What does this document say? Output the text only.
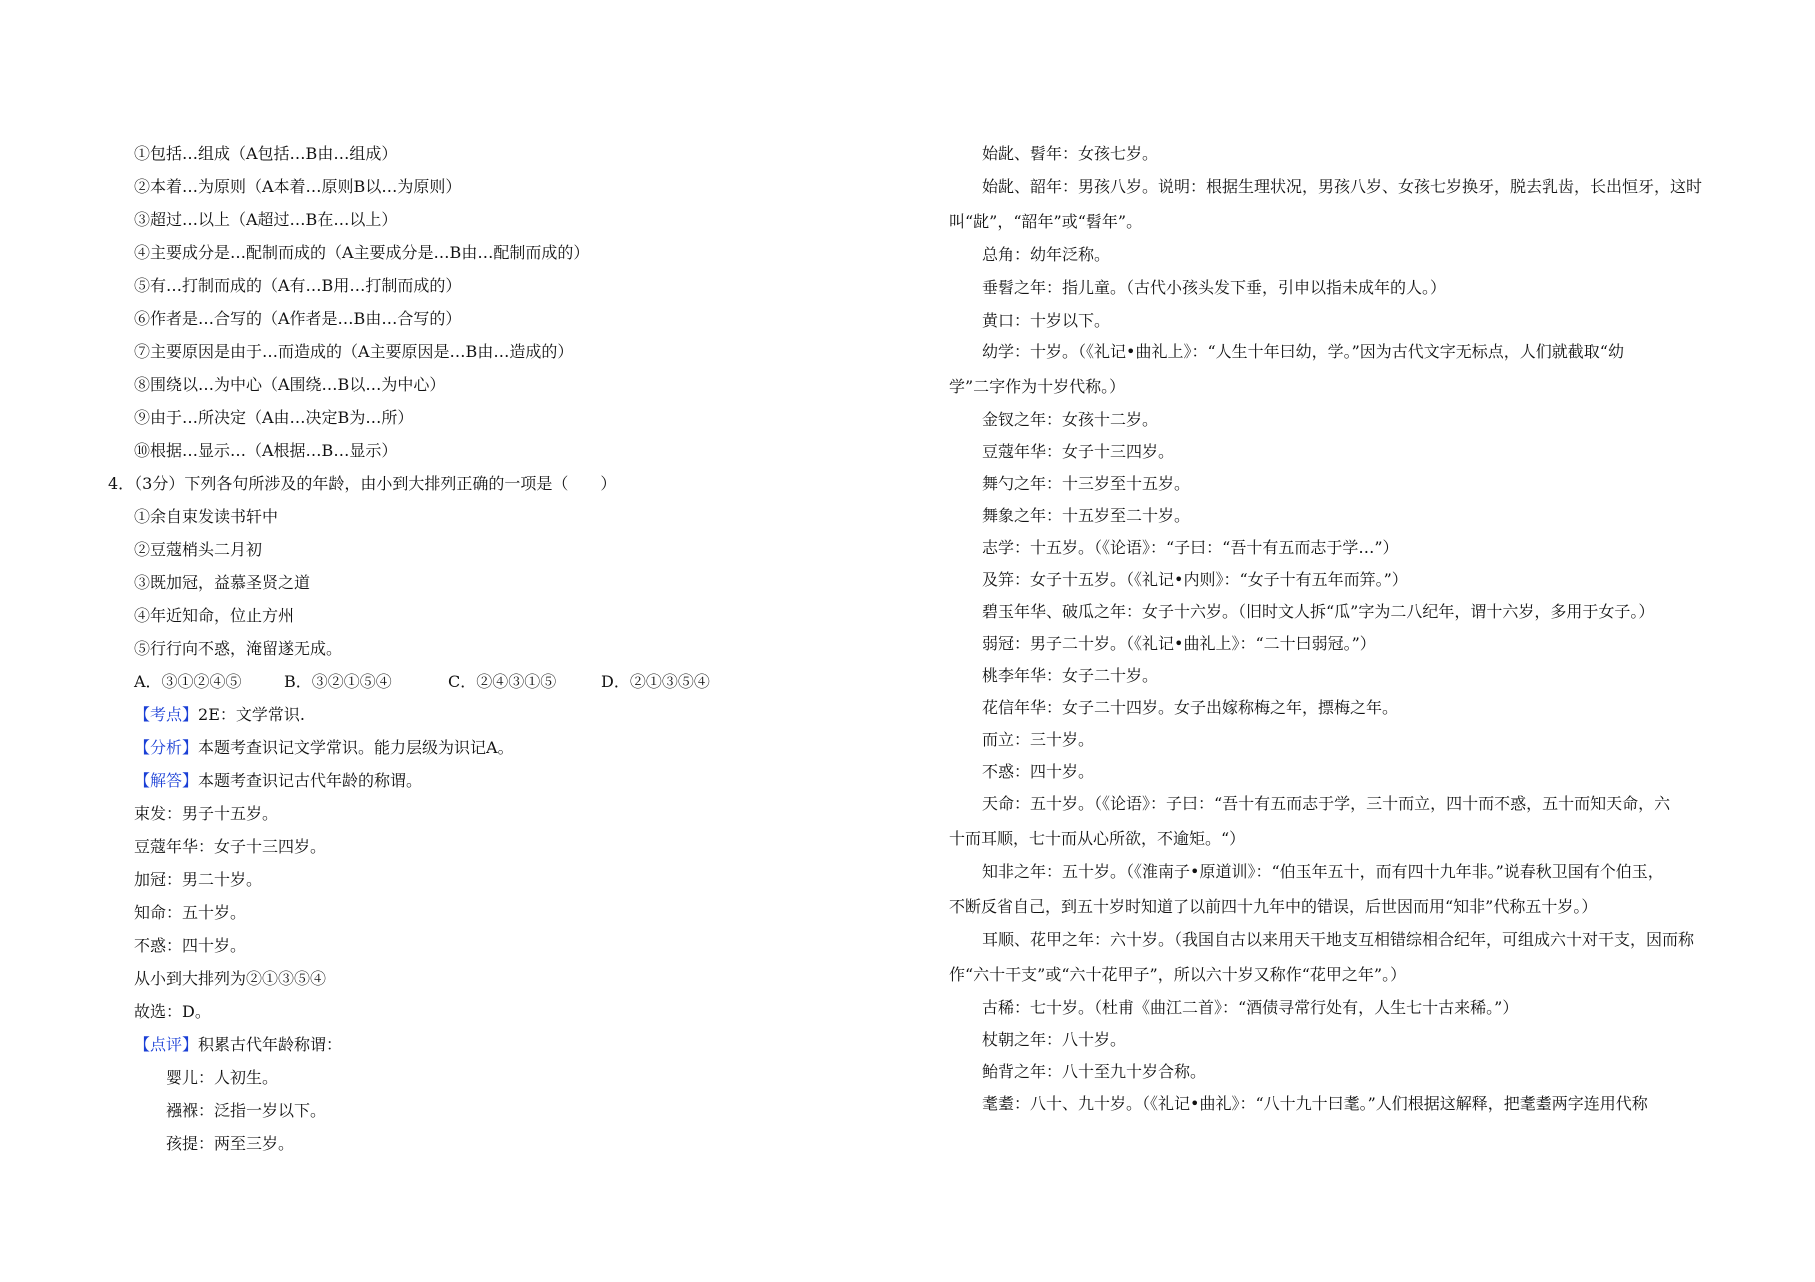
①包括…组成（A包括…B由…组成）
②本着…为原则（A本着…原则B以…为原则）
③超过…以上（A超过…B在…以上）
④主要成分是…配制而成的（A主要成分是…B由…配制而成的）
⑤有…打制而成的（A有…B用…打制而成的）
⑥作者是…合写的（A作者是…B由…合写的）
⑦主要原因是由于…而造成的（A主要原因是…B由…造成的）
⑧围绕以…为中心（A围绕…B以…为中心）
⑨由于…所决定（A由…决定B为…所）
⑩根据…显示…（A根据…B…显示）
4．（3分）下列各句所涉及的年龄，由小到大排列正确的一项是（　　）
①余自束发读书轩中
②豆蔻梢头二月初
③既加冠，益慕圣贤之道
④年近知命，位止方州
⑤行行向不惑，淹留遂无成。
A．③①②④⑤	B．③②①⑤④	C．②④③①⑤	D．②①③⑤④
【考点】2E：文学常识.
【分析】本题考查识记文学常识。能力层级为识记A。
【解答】本题考查识记古代年龄的称谓。
束发：男子十五岁。
豆蔻年华：女子十三四岁。
加冠：男二十岁。
知命：五十岁。
不惑：四十岁。
从小到大排列为②①③⑤④
故选：D。
【点评】积累古代年龄称谓：
婴儿：人初生。
襁褓：泛指一岁以下。
孩提：两至三岁。
始龀、髫年：女孩七岁。
始龀、韶年：男孩八岁。说明：根据生理状况，男孩八岁、女孩七岁换牙，脱去乳齿，长出恒牙，这时
叫“龀”，“韶年”或“髫年”。
总角：幼年泛称。
垂髫之年：指儿童。（古代小孩头发下垂，引申以指未成年的人。）
黄口：十岁以下。
幼学：十岁。（《礼记•曲礼上》：“人生十年曰幼，学。”因为古代文字无标点，人们就截取“幼
学”二字作为十岁代称。）
金钗之年：女孩十二岁。
豆蔻年华：女子十三四岁。
舞勺之年：十三岁至十五岁。
舞象之年：十五岁至二十岁。
志学：十五岁。（《论语》：“子曰：“吾十有五而志于学…”）
及笄：女子十五岁。（《礼记•内则》：“女子十有五年而笄。”）
碧玉年华、破瓜之年：女子十六岁。（旧时文人拆“瓜”字为二八纪年，谓十六岁，多用于女子。）
弱冠：男子二十岁。（《礼记•曲礼上》：“二十曰弱冠。”）
桃李年华：女子二十岁。
花信年华：女子二十四岁。女子出嫁称梅之年，摽梅之年。
而立：三十岁。
不惑：四十岁。
天命：五十岁。（《论语》：子曰：“吾十有五而志于学，三十而立，四十而不惑，五十而知天命，六
十而耳顺，七十而从心所欲，不逾矩。“）
知非之年：五十岁。（《淮南子•原道训》：“伯玉年五十，而有四十九年非。”说春秋卫国有个伯玉，
不断反省自己，到五十岁时知道了以前四十九年中的错误，后世因而用“知非”代称五十岁。）
耳顺、花甲之年：六十岁。（我国自古以来用天干地支互相错综相合纪年，可组成六十对干支，因而称
作“六十干支”或“六十花甲子”，所以六十岁又称作“花甲之年”。）
古稀：七十岁。（杜甫《曲江二首》：“酒债寻常行处有，人生七十古来稀。”）
杖朝之年：八十岁。
鲐背之年：八十至九十岁合称。
耄耋：八十、九十岁。（《礼记•曲礼》：“八十九十曰耄。”人们根据这解释，把耄耋两字连用代称
